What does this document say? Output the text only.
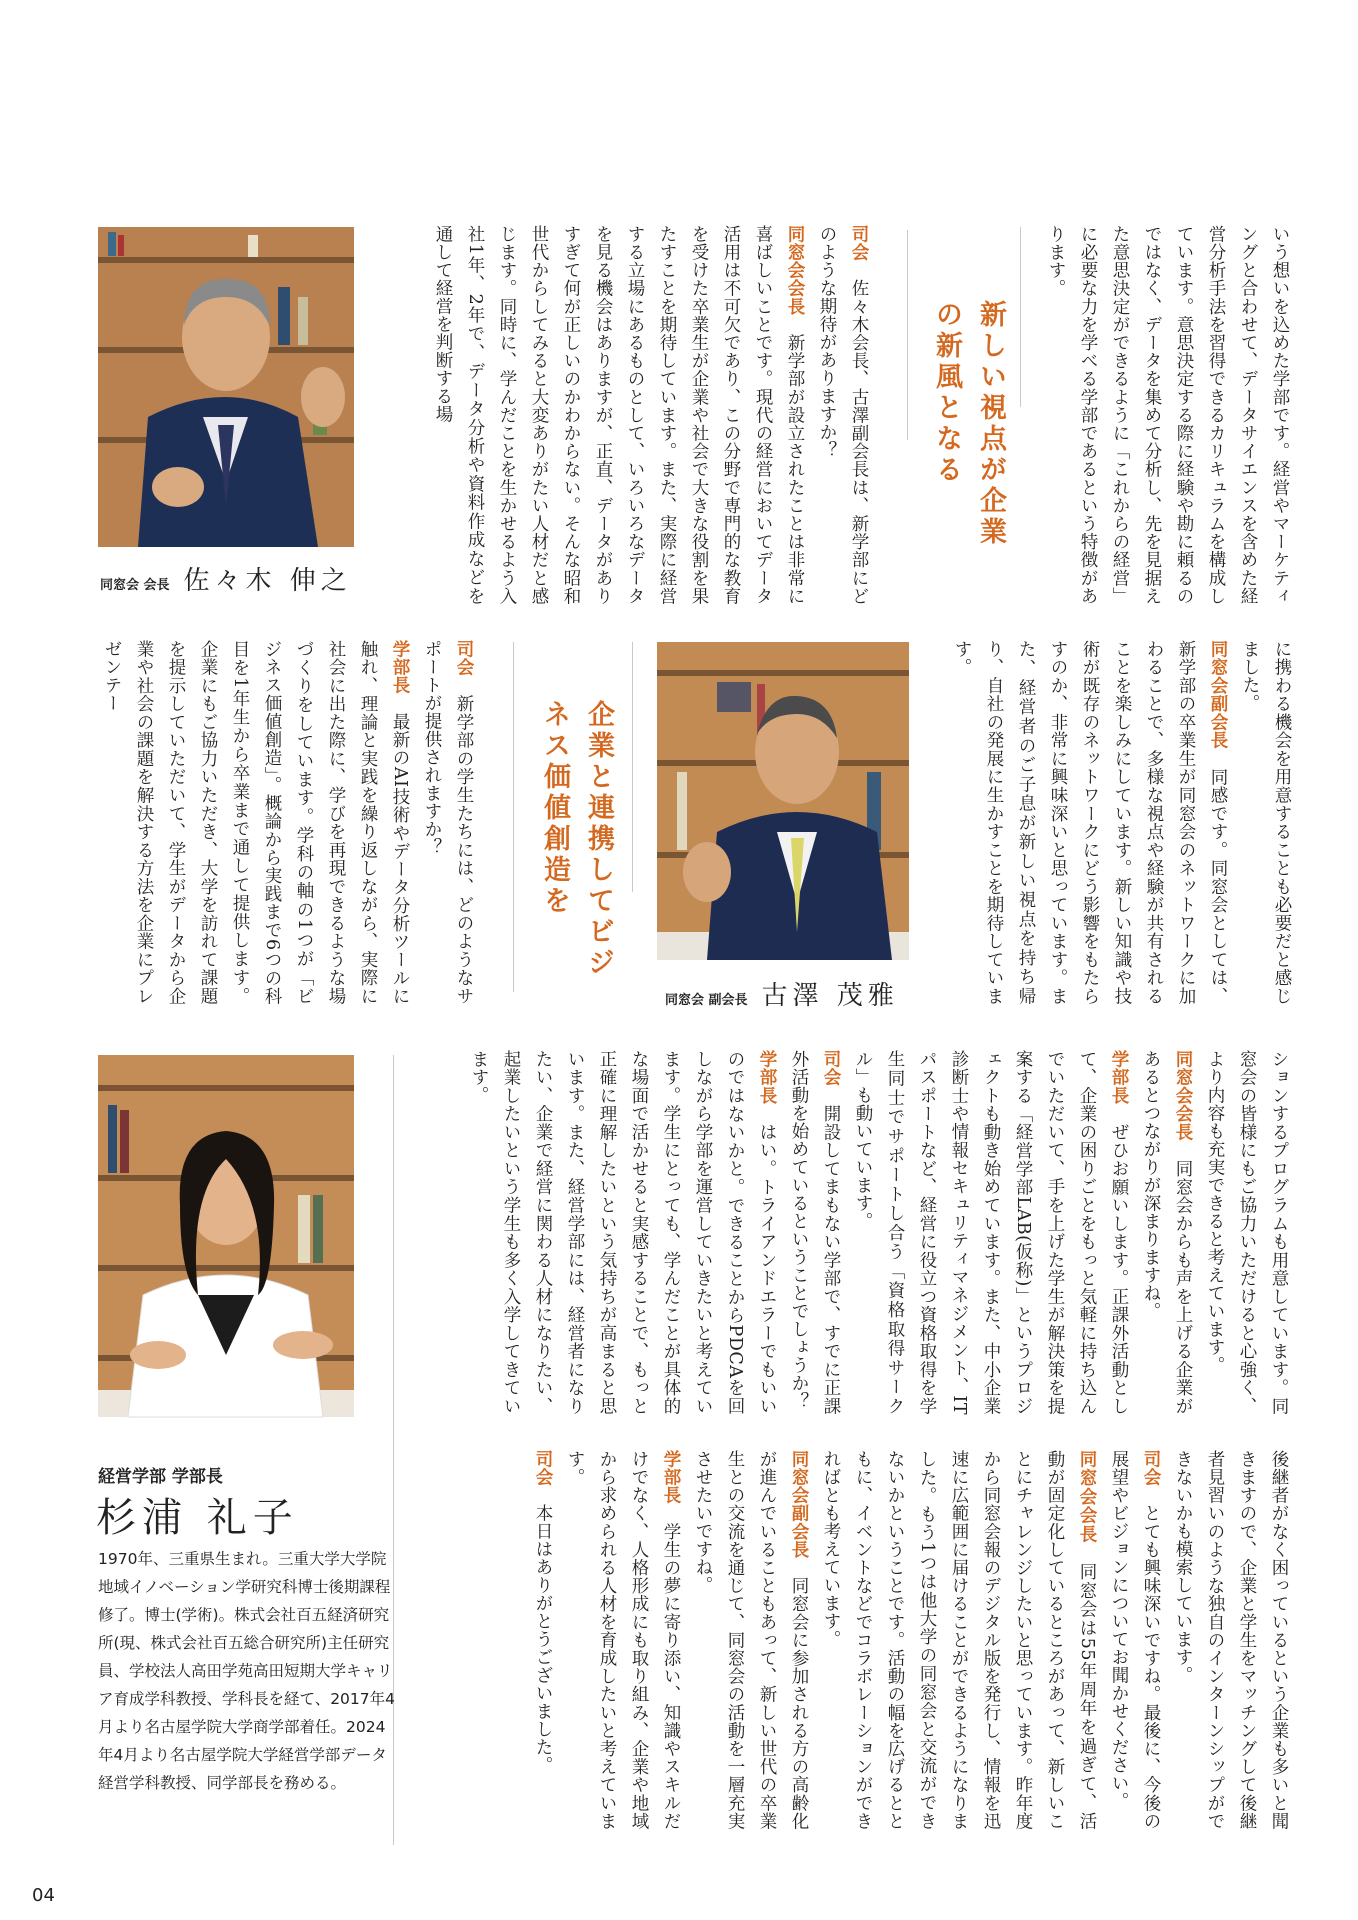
同窓会 会長 佐々木 伸之
同窓会 副会長 古澤 茂雅
新しい視点が企業の新風となる
企業と連携してビジネス価値創造を

いう想いを込めた学部です。経営やマーケティングと合わせて、データサイエンスを含めた経営分析手法を習得できるカリキュラムを構成しています。意思決定する際に経験や勘に頼るのではなく、データを集めて分析し、先を見据えた意思決定ができるように「これからの経営」に必要な力を学べる学部であるという特徴があります。

司会　佐々木会長、古澤副会長は、新学部にどのような期待がありますか？

同窓会会長　新学部が設立されたことは非常に喜ばしいことです。現代の経営においてデータ活用は不可欠であり、この分野で専門的な教育を受けた卒業生が企業や社会で大きな役割を果たすことを期待しています。また、実際に経営する立場にあるものとして、いろいろなデータを見る機会はありますが、正直、データがありすぎて何が正しいのかわからない。そんな昭和世代からしてみると大変ありがたい人材だと感じます。同時に、学んだことを生かせるよう入社1年、2年で、データ分析や資料作成などを通して経営を判断する場

に携わる機会を用意することも必要だと感じました。

同窓会副会長　同感です。同窓会としては、新学部の卒業生が同窓会のネットワークに加わることで、多様な視点や経験が共有されることを楽しみにしています。新しい知識や技術が既存のネットワークにどう影響をもたらすのか、非常に興味深いと思っています。また、経営者のご子息が新しい視点を持ち帰り、自社の発展に生かすことを期待しています。

司会　新学部の学生たちには、どのようなサポートが提供されますか？

学部長　最新のAI技術やデータ分析ツールに触れ、理論と実践を繰り返しながら、実際に社会に出た際に、学びを再現できるような場づくりをしています。学科の軸の1つが「ビジネス価値創造」。概論から実践まで6つの科目を1年生から卒業まで通して提供します。企業にもご協力いただき、大学を訪れて課題を提示していただいて、学生がデータから企業や社会の課題を解決する方法を企業にプレゼンテー

ションするプログラムも用意しています。同窓会の皆様にもご協力いただけると心強く、より内容も充実できると考えています。

同窓会会長　同窓会からも声を上げる企業があるとつながりが深まりますね。

学部長　ぜひお願いします。正課外活動として、企業の困りごとをもっと気軽に持ち込んでいただいて、手を上げた学生が解決策を提案する「経営学部LAB(仮称)」というプロジェクトも動き始めています。また、中小企業診断士や情報セキュリティマネジメント、ITパスポートなど、経営に役立つ資格取得を学生同士でサポートし合う「資格取得サークル」も動いています。

司会　開設してまもない学部で、すでに正課外活動を始めているということでしょうか？

学部長　はい。トライアンドエラーでもいいのではないかと。できることからPDCAを回しながら学部を運営していきたいと考えています。学生にとっても、学んだことが具体的な場面で活かせると実感することで、もっと正確に理解したいという気持ちが高まると思います。また、経営学部には、経営者になりたい、企業で経営に関わる人材になりたい、起業したいという学生も多く入学してきています。

後継者がなく困っているという企業も多いと聞きますので、企業と学生をマッチングして後継者見習いのような独自のインターンシップができないかも模索しています。

司会　とても興味深いですね。最後に、今後の展望やビジョンについてお聞かせください。

同窓会会長　同窓会は55年周年を過ぎて、活動が固定化しているところがあって、新しいことにチャレンジしたいと思っています。昨年度から同窓会報のデジタル版を発行し、情報を迅速に広範囲に届けることができるようになりました。もう1つは他大学の同窓会と交流ができないかということです。活動の幅を広げるとともに、イベントなどでコラボレーションができればとも考えています。

同窓会副会長　同窓会に参加される方の高齢化が進んでいることもあって、新しい世代の卒業生との交流を通じて、同窓会の活動を一層充実させたいですね。

学部長　学生の夢に寄り添い、知識やスキルだけでなく、人格形成にも取り組み、企業や地域から求められる人材を育成したいと考えています。

司会　本日はありがとうございました。

経営学部 学部長
杉浦 礼子
1970年、三重県生まれ。三重大学大学院地域イノベーション学研究科博士後期課程修了。博士(学術)。株式会社百五経済研究所(現、株式会社百五総合研究所)主任研究員、学校法人高田学苑高田短期大学キャリア育成学科教授、学科長を経て、2017年4月より名古屋学院大学商学部着任。2024年4月より名古屋学院大学経営学部データ経営学科教授、同学部長を務める。
04
